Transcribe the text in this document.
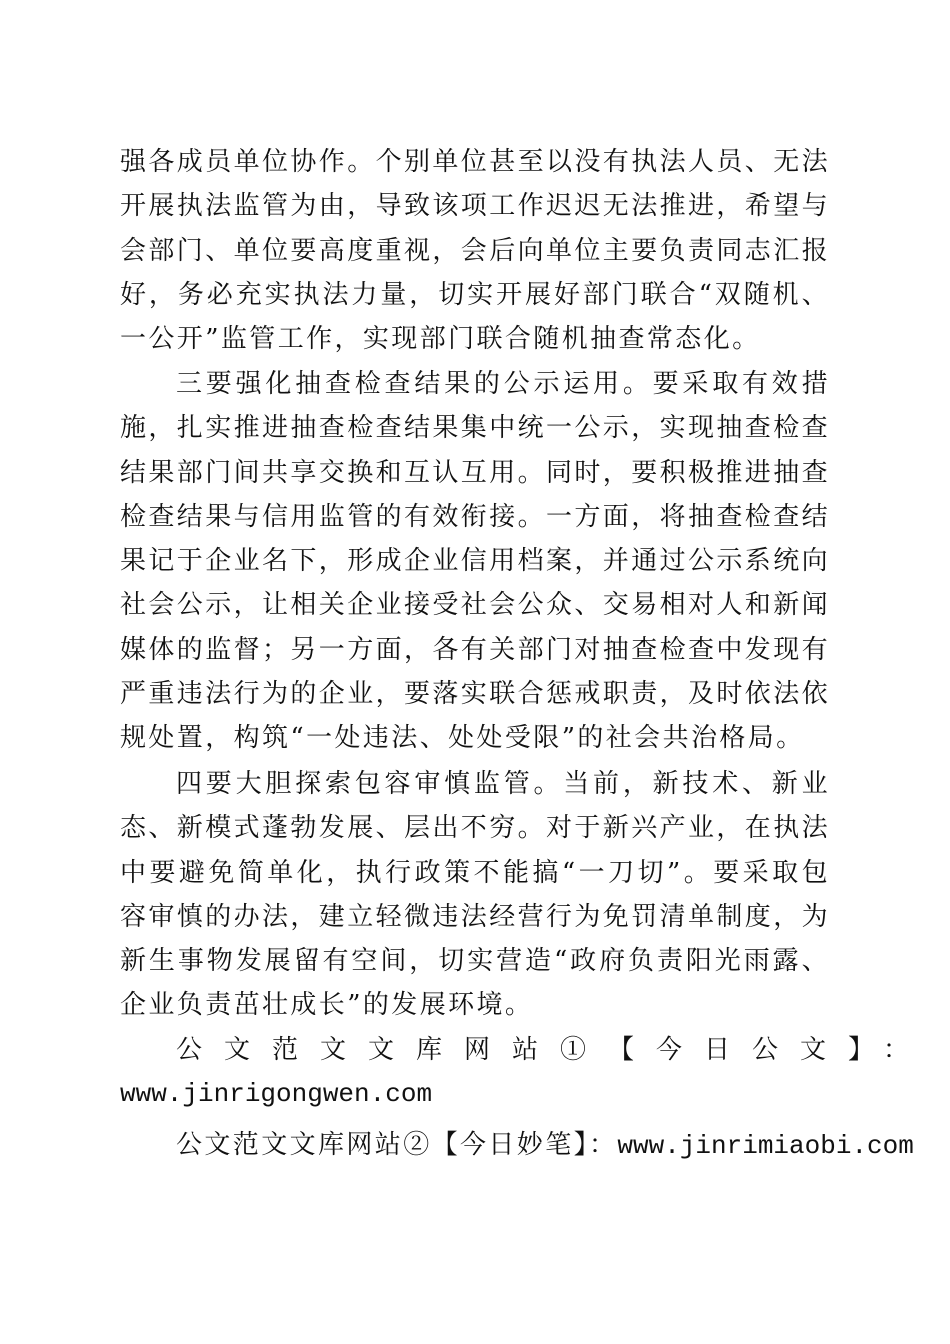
强各成员单位协作。个别单位甚至以没有执法人员、无法开展执法监管为由，导致该项工作迟迟无法推进，希望与会部门、单位要高度重视，会后向单位主要负责同志汇报好，务必充实执法力量，切实开展好部门联合“双随机、一公开”监管工作，实现部门联合随机抽查常态化。

三要强化抽查检查结果的公示运用。要采取有效措施，扎实推进抽查检查结果集中统一公示，实现抽查检查结果部门间共享交换和互认互用。同时，要积极推进抽查检查结果与信用监管的有效衔接。一方面，将抽查检查结果记于企业名下，形成企业信用档案，并通过公示系统向社会公示，让相关企业接受社会公众、交易相对人和新闻媒体的监督；另一方面，各有关部门对抽查检查中发现有严重违法行为的企业，要落实联合惩戒职责，及时依法依规处置，构筑“一处违法、处处受限”的社会共治格局。

四要大胆探索包容审慎监管。当前，新技术、新业态、新模式蓬勃发展、层出不穷。对于新兴产业，在执法中要避免简单化，执行政策不能搞“一刀切”。要采取包容审慎的办法，建立轻微违法经营行为免罚清单制度，为新生事物发展留有空间，切实营造“政府负责阳光雨露、企业负责茁壮成长”的发展环境。

公文范文文库网站①【今日公文】：
www.jinrigongwen.com
公文范文文库网站②【今日妙笔】：www.jinrimiaobi.com
